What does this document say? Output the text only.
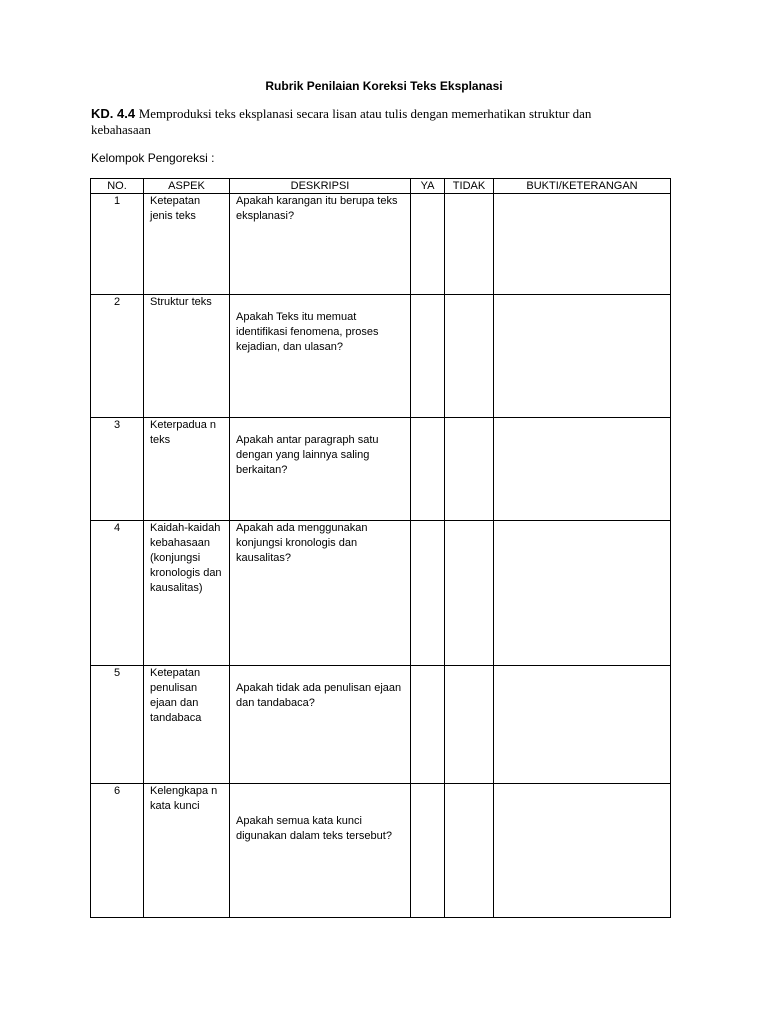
Rubrik Penilaian Koreksi Teks Eksplanasi
KD. 4.4 Memproduksi teks eksplanasi secara lisan atau tulis dengan memerhatikan struktur dan kebahasaan
Kelompok Pengoreksi :
NO.	ASPEK	DESKRIPSI	YA	TIDAK	BUKTI/KETERANGAN
1	Ketepatan jenis teks	Apakah karangan itu berupa teks eksplanasi?			
2	Struktur teks	Apakah Teks itu memuat identifikasi fenomena, proses kejadian, dan ulasan?			
3	Keterpadua n teks	Apakah antar paragraph satu dengan yang lainnya saling berkaitan?			
4	Kaidah-kaidah kebahasaan (konjungsi kronologis dan kausalitas)	Apakah ada menggunakan konjungsi kronologis dan kausalitas?			
5	Ketepatan penulisan ejaan dan tandabaca	Apakah tidak ada penulisan ejaan dan tandabaca?			
6	Kelengkapa n kata kunci	Apakah semua kata kunci digunakan dalam teks tersebut?			
